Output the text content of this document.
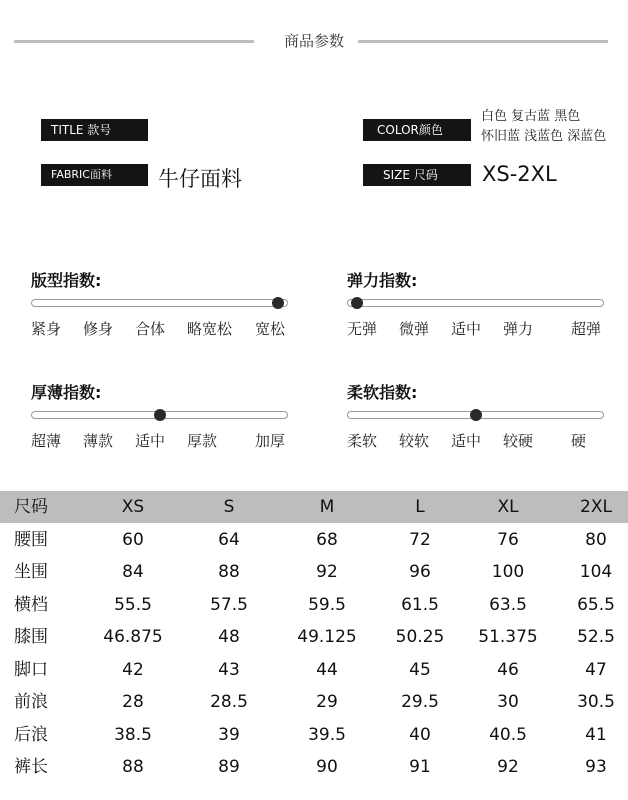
商品参数
TITLE 款号
FABRIC面料	牛仔面料
COLOR颜色
白色 复古蓝 黑色
怀旧蓝 浅蓝色 深蓝色
SIZE 尺码	XS-2XL
版型指数:
紧身 修身 合体 略宽松 宽松
弹力指数:
无弹 微弹 适中 弹力	超弹
厚薄指数:
超薄 薄款 适中 厚款	加厚
柔软指数:
柔软 较软 适中 较硬	硬
尺码	XS	S	M	L	XL	2XL
腰围	60	64	68	72	76	80
坐围	84	88	92	96	100	104
横档	55.5	57.5	59.5	61.5	63.5	65.5
膝围	46.875	48	49.125	50.25	51.375	52.5
脚口	42	43	44	45	46	47
前浪	28	28.5	29	29.5	30	30.5
后浪	38.5	39	39.5	40	40.5	41
裤长	88	89	90	91	92	93
